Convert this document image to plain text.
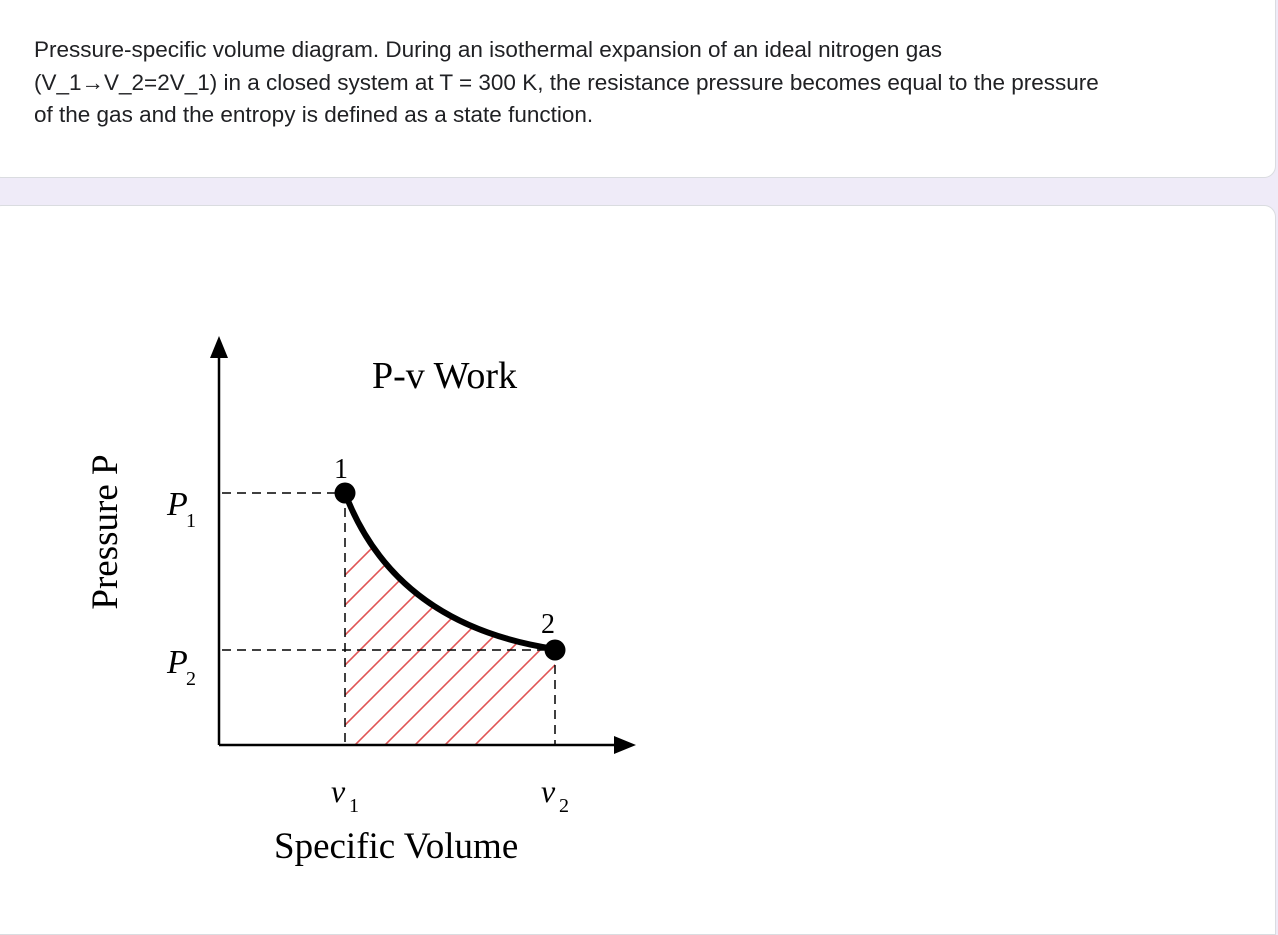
Pressure-specific volume diagram. During an isothermal expansion of an ideal nitrogen gas
(V_1→V_2=2V_1) in a closed system at T = 300 K, the resistance pressure becomes equal to the pressure
of the gas and the entropy is defined as a state function.

1
2
P-v Work
Pressure P P
1
P
2
v 1	v 2
Specific Volume
